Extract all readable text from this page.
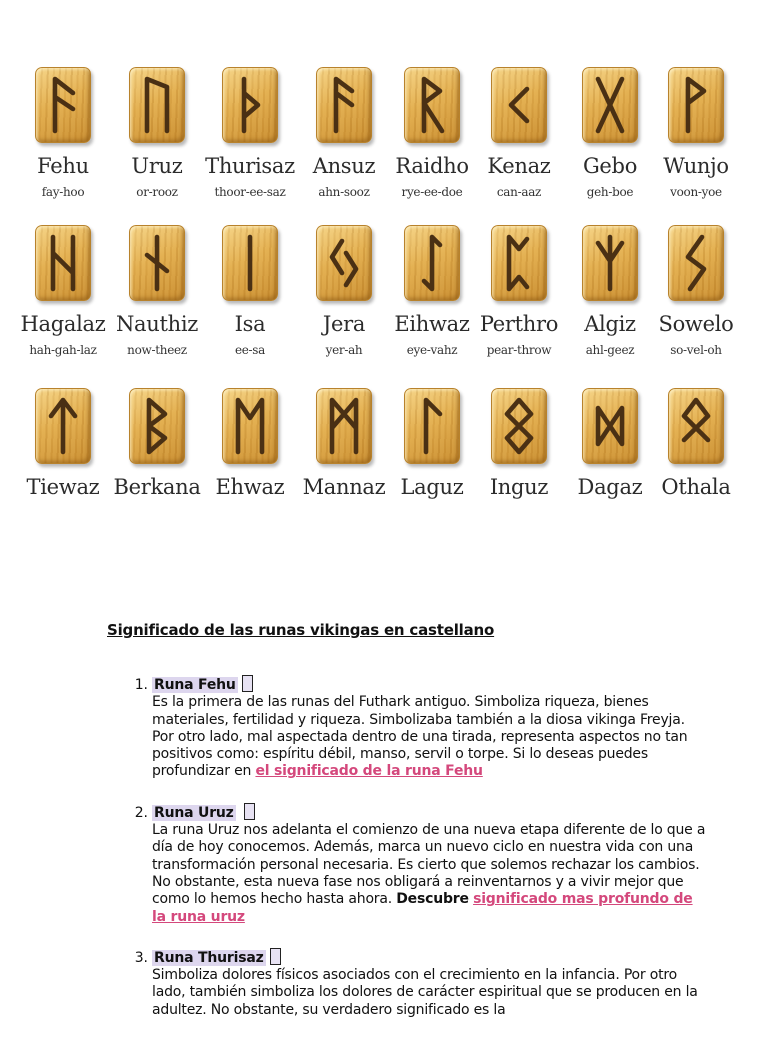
Fehu
fay-hoo
Uruz
or-rooz
Thurisaz
thoor-ee-saz
Ansuz
ahn-sooz
Raidho
rye-ee-doe
Kenaz
can-aaz
Gebo
geh-boe
Wunjo
voon-yoe
Hagalaz
hah-gah-laz
Nauthiz
now-theez
Isa
ee-sa
Jera
yer-ah
Eihwaz
eye-vahz
Perthro
pear-throw
Algiz
ahl-geez
Sowelo
so-vel-oh
Tiewaz Berkana Ehwaz Mannaz Laguz	Inguz	Dagaz Othala
Significado de las runas vikingas en castellano
1. Runa Fehu
Es la primera de las runas del Futhark antiguo. Simboliza riqueza, bienes materiales, fertilidad y riqueza. Simbolizaba también a la diosa vikinga Freyja. Por otro lado, mal aspectada dentro de una tirada, representa aspectos no tan positivos como: espíritu débil, manso, servil o torpe. Si lo deseas puedes profundizar en el significado de la runa Fehu
2. Runa Uruz
La runa Uruz nos adelanta el comienzo de una nueva etapa diferente de lo que a día de hoy conocemos. Además, marca un nuevo ciclo en nuestra vida con una transformación personal necesaria. Es cierto que solemos rechazar los cambios. No obstante, esta nueva fase nos obligará a reinventarnos y a vivir mejor que como lo hemos hecho hasta ahora. Descubre significado mas profundo de la runa uruz
3. Runa Thurisaz
Simboliza dolores físicos asociados con el crecimiento en la infancia. Por otro lado, también simboliza los dolores de carácter espiritual que se producen en la adultez. No obstante, su verdadero significado es la
